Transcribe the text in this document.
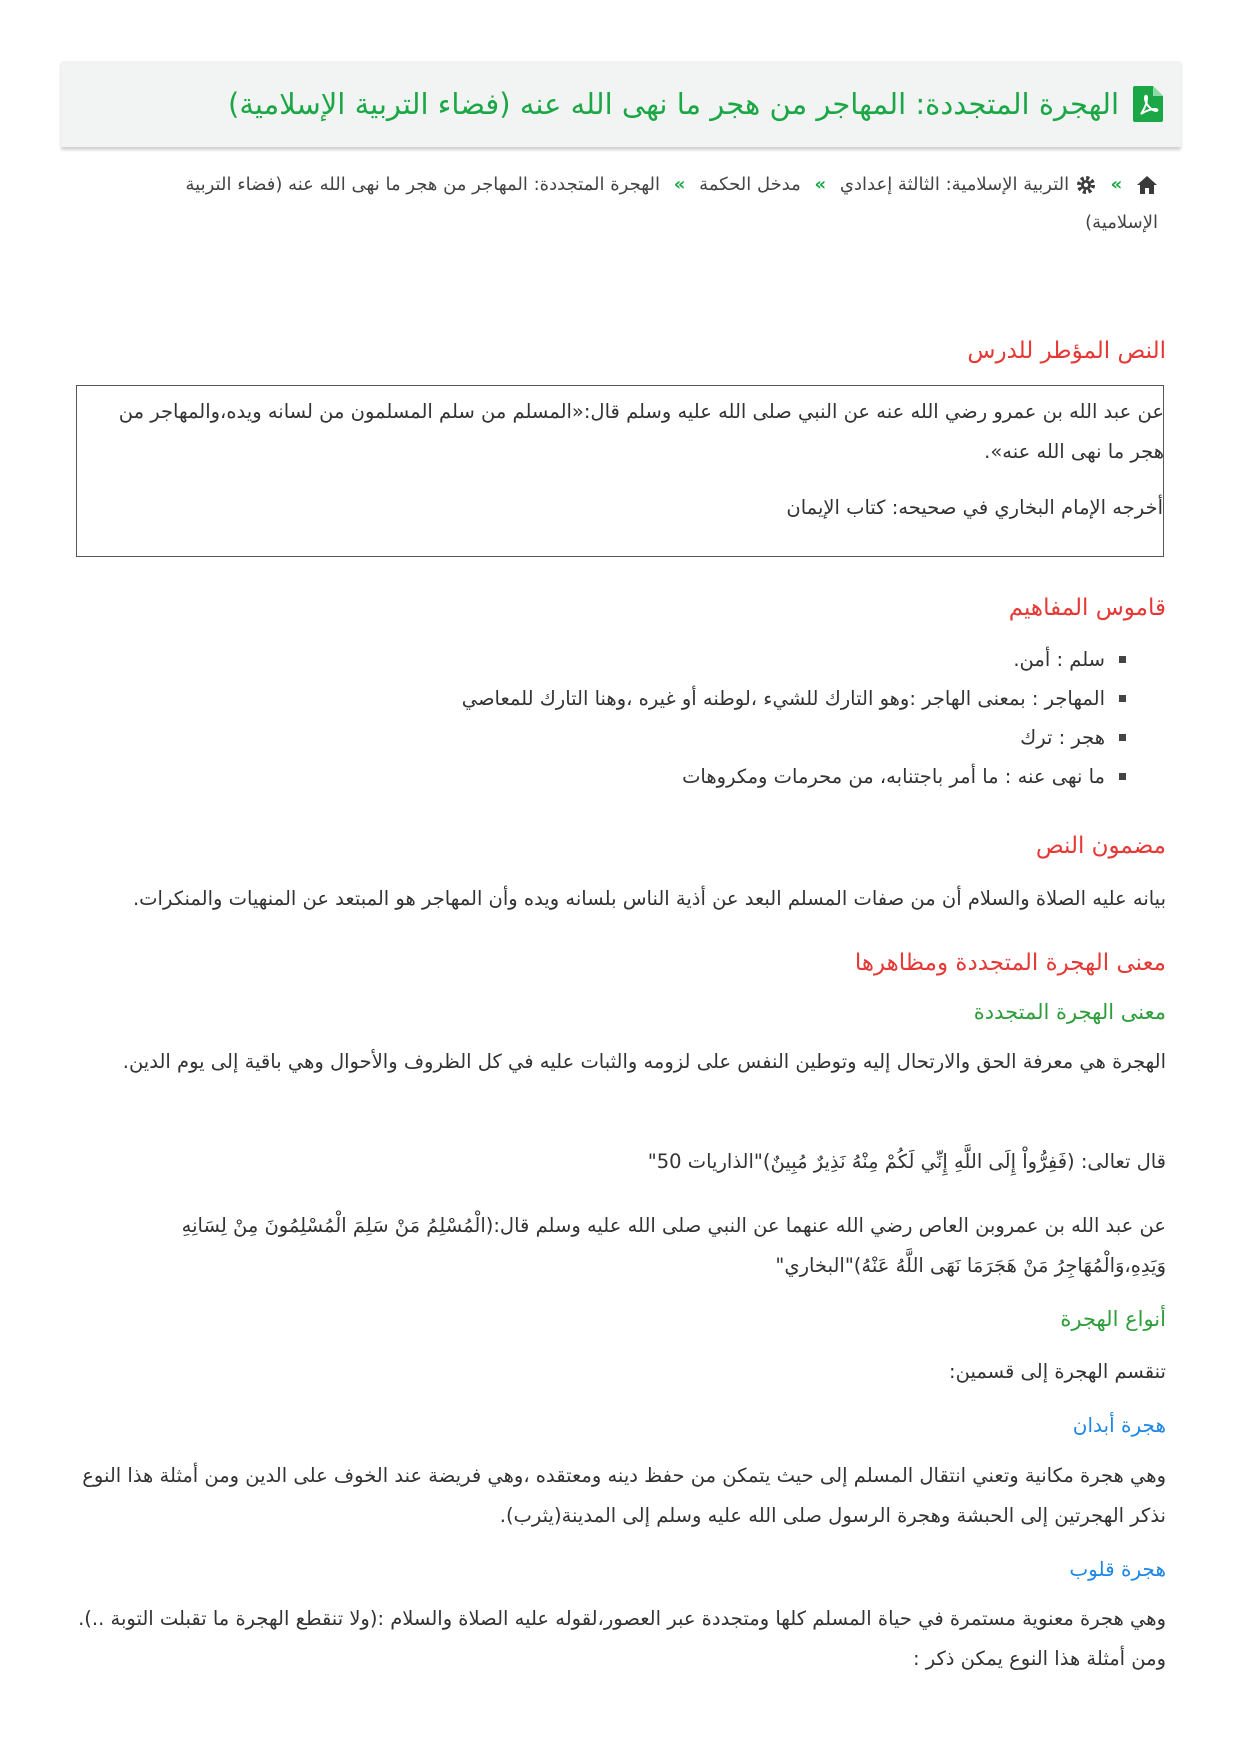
الهجرة المتجددة: المهاجر من هجر ما نهى الله عنه (فضاء التربية الإسلامية)
»  التربية الإسلامية: الثالثة إعدادي » مدخل الحكمة » الهجرة المتجددة: المهاجر من هجر ما نهى الله عنه (فضاء التربية الإسلامية)
النص المؤطر للدرس
عن عبد الله بن عمرو رضي الله عنه عن النبي صلى الله عليه وسلم قال:«المسلم من سلم المسلمون من لسانه ويده،والمهاجر من هجر ما نهى الله عنه».
أخرجه الإمام البخاري في صحيحه: كتاب الإيمان
قاموس المفاهيم
سلم : أمن.
المهاجر : بمعنى الهاجر :وهو التارك للشيء ،لوطنه أو غيره ،وهنا التارك للمعاصي
هجر : ترك
ما نهى عنه : ما أمر باجتنابه، من محرمات ومكروهات
مضمون النص
بيانه عليه الصلاة والسلام أن من صفات المسلم البعد عن أذية الناس بلسانه ويده وأن المهاجر هو المبتعد عن المنهيات والمنكرات.
معنى الهجرة المتجددة ومظاهرها
معنى الهجرة المتجددة
الهجرة هي معرفة الحق والارتحال إليه وتوطين النفس على لزومه والثبات عليه في كل الظروف والأحوال وهي باقية إلى يوم الدين.
قال تعالى: (فَفِرُّواْ إِلَى اللَّهِ إِنِّي لَكُمْ مِنْهُ نَذِيرٌ مُبِينٌ)"الذاريات 50"
عن عبد الله بن عمروبن العاص رضي الله عنهما عن النبي صلى الله عليه وسلم قال:(الْمُسْلِمُ مَنْ سَلِمَ الْمُسْلِمُونَ مِنْ لِسَانِهِ وَيَدِهِ،وَالْمُهَاجِرُ مَنْ هَجَرَمَا نَهَى اللَّهُ عَنْهُ)"البخاري"
أنواع الهجرة
تنقسم الهجرة إلى قسمين:
هجرة أبدان
وهي هجرة مكانية وتعني انتقال المسلم إلى حيث يتمكن من حفظ دينه ومعتقده ،وهي فريضة عند الخوف على الدين ومن أمثلة هذا النوع نذكر الهجرتين إلى الحبشة وهجرة الرسول صلى الله عليه وسلم إلى المدينة(يثرب).
هجرة قلوب
وهي هجرة معنوية مستمرة في حياة المسلم كلها ومتجددة عبر العصور،لقوله عليه الصلاة والسلام :(ولا تنقطع الهجرة ما تقبلت التوبة ..). ومن أمثلة هذا النوع يمكن ذكر :
